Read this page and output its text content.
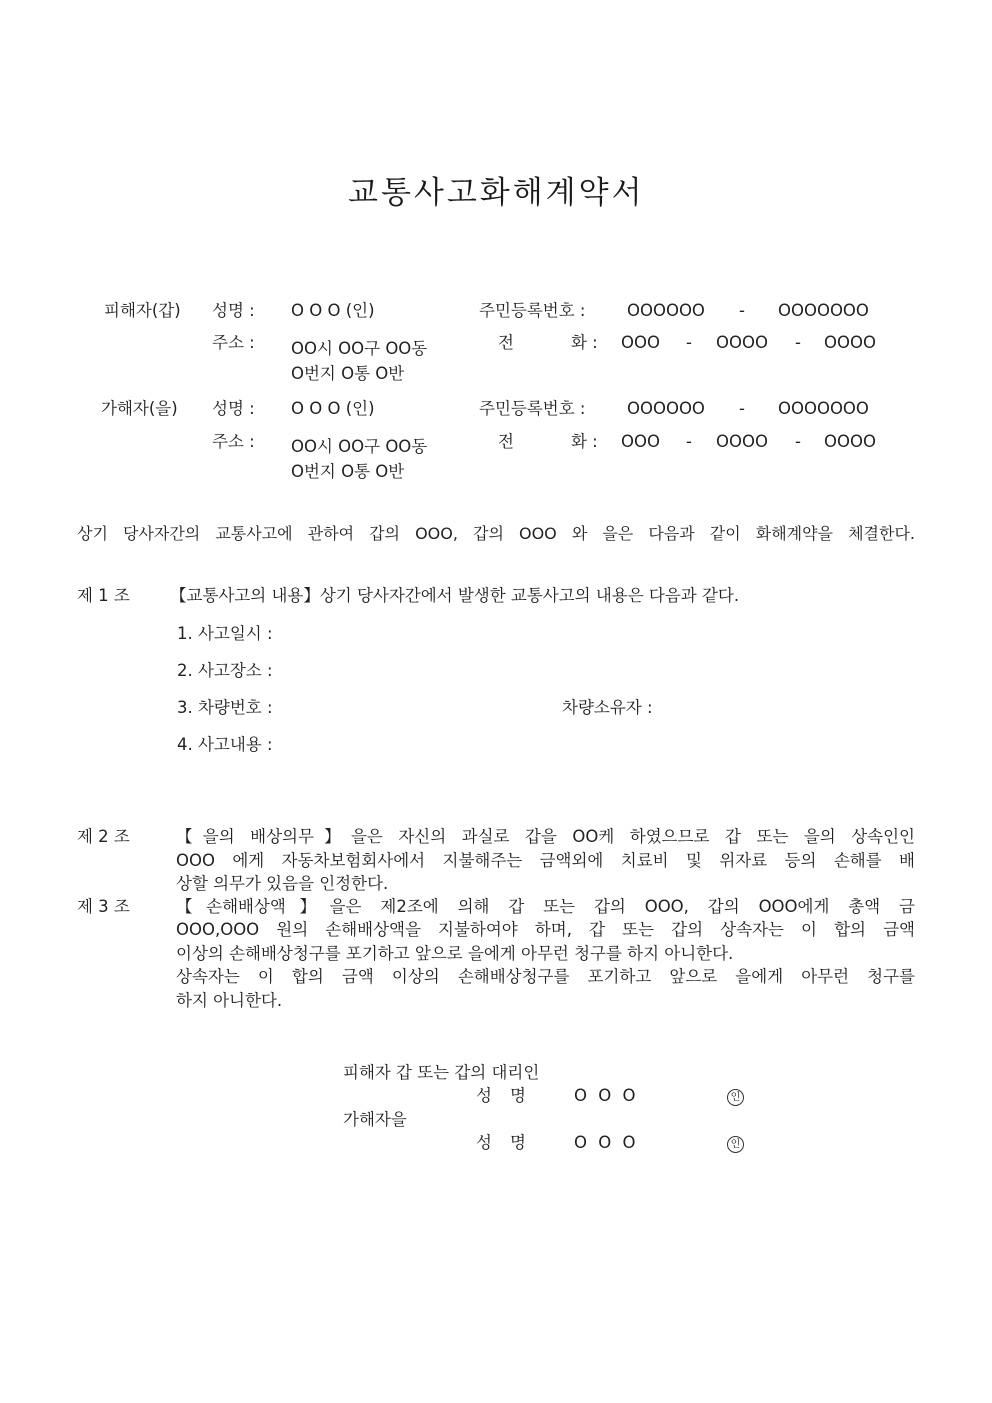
교통사고화해계약서
피해자(갑) 성명 : O O O (인)	주민등록번호 :	OOOOOO - OOOOOOO
주소 : OO시 OO구 OO동
O번지 O통 O반
전	화 : OOO - OOOO - OOOO
가해자(을) 성명 : O O O (인)	주민등록번호 :	OOOOOO - OOOOOOO
주소 : OO시 OO구 OO동
O번지 O통 O반
전	화 : OOO - OOOO - OOOO
상기 당사자간의 교통사고에 관하여 갑의 OOO, 갑의 OOO 와 을은 다음과 같이 화해계약을 체결한다.
제 1 조 【교통사고의 내용】상기 당사자간에서 발생한 교통사고의 내용은 다음과 같다.
1. 사고일시 :
2. 사고장소 :
3. 차량번호 :	차량소유자 :
4. 사고내용 :
제 2 조	【을의 배상의무】을은 자신의 과실로 갑을 OO케 하였으므로 갑 또는 을의 상속인인
OOO 에게 자동차보험회사에서 지불해주는 금액외에 치료비 및 위자료 등의 손해를 배
상할 의무가 있음을 인정한다.
제 3 조	【손해배상액】을은 제2조에 의해 갑 또는 갑의 OOO, 갑의 OOO에게 총액 금
OOO,OOO 원의 손해배상액을 지불하여야 하며, 갑 또는 갑의 상속자는 이 합의 금액
이상의 손해배상청구를 포기하고 앞으로 을에게 아무런 청구를 하지 아니한다.
상속자는 이 합의 금액 이상의 손해배상청구를 포기하고 앞으로 을에게 아무런 청구를
하지 아니한다.
피해자 갑 또는 갑의 대리인
성 명	O O O	인
가해자을
성 명	O O O	인
